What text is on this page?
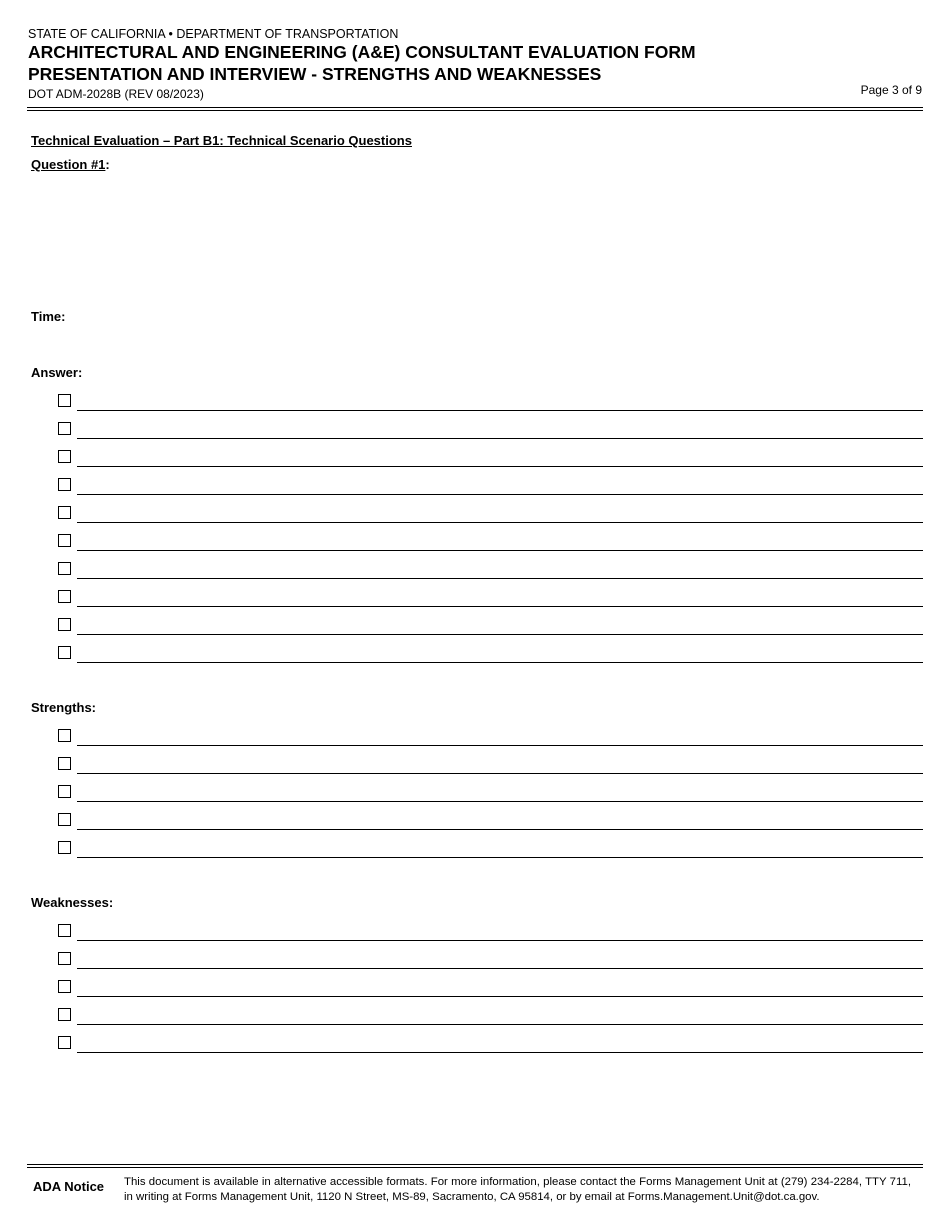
STATE OF CALIFORNIA • DEPARTMENT OF TRANSPORTATION
ARCHITECTURAL AND ENGINEERING (A&E) CONSULTANT EVALUATION FORM
PRESENTATION AND INTERVIEW - STRENGTHS AND WEAKNESSES
DOT ADM-2028B (REV 08/2023)	Page 3 of 9
Technical Evaluation – Part B1: Technical Scenario Questions
Question #1:
Time:
Answer:
Strengths:
Weaknesses:
ADA Notice This document is available in alternative accessible formats. For more information, please contact the Forms Management Unit at (279) 234-2284, TTY 711, in writing at Forms Management Unit, 1120 N Street, MS-89, Sacramento, CA 95814, or by email at Forms.Management.Unit@dot.ca.gov.
